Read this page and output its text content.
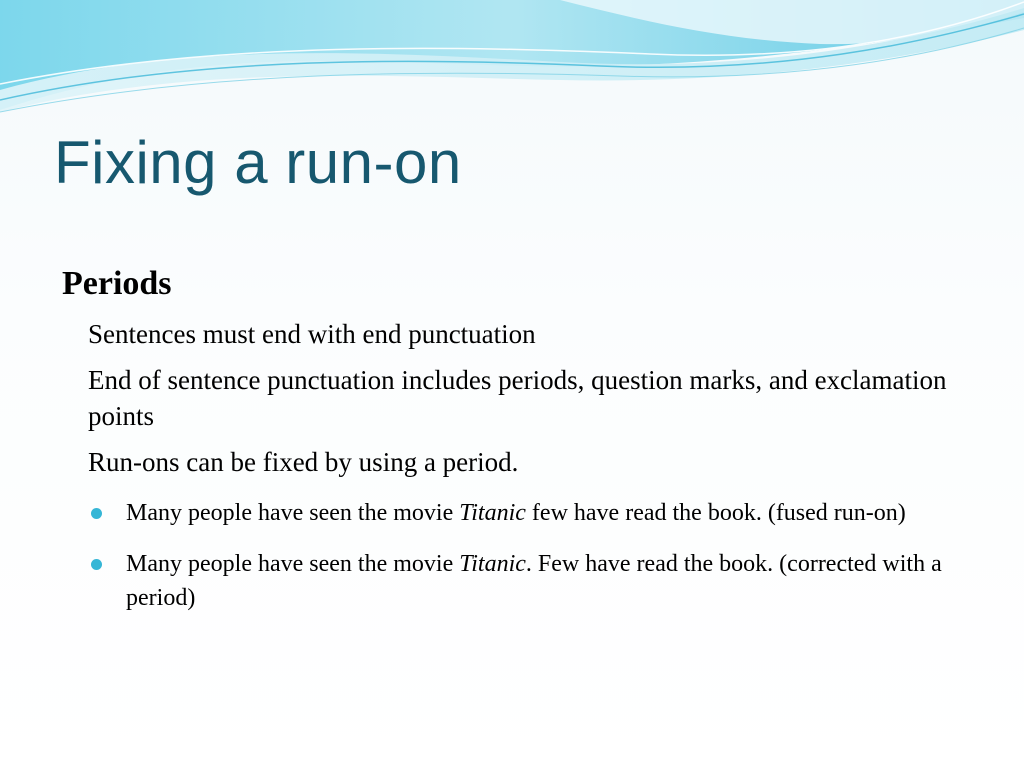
Fixing a run-on
Periods
Sentences must end with end punctuation
End of sentence punctuation includes periods, question marks, and exclamation points
Run-ons can be fixed by using a period.
Many people have seen the movie Titanic few have read the book. (fused run-on)
Many people have seen the movie Titanic. Few have read the book. (corrected with a period)
